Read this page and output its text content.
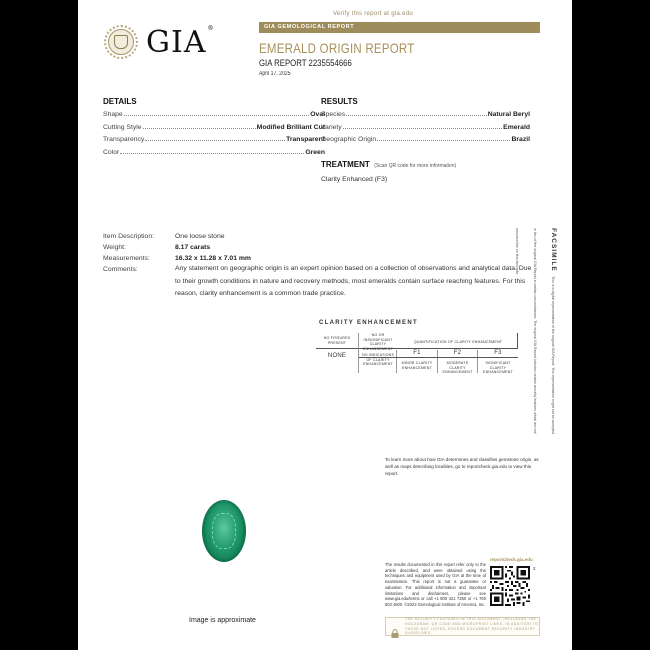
GIA®
Verify this report at gia.edu
GIA GEMOLOGICAL REPORT
EMERALD ORIGIN REPORT
GIA REPORT 2235554666
April 17, 2025
DETAILS
Shape	Oval
Cutting Style	Modified Brilliant Cut
Transparency	Transparent
Color	Green
RESULTS
Species	Natural Beryl
Variety	Emerald
Geographic Origin	Brazil
TREATMENT (Scan QR code for more information)
Clarity Enhanced (F3)
Item Description:	One loose stone
Weight:	8.17 carats
Measurements:	16.32 x 11.28 x 7.01 mm
Comments:	Any statement on geographic origin is an expert opinion based on a collection of observations and analytical data. Due to their growth conditions in nature and recovery methods, most emeralds contain surface reaching features. For this reason, clarity enhancement is a common trade practice.
CLARITY ENHANCEMENT
NO FISSURES PRESENT
NO OR INSIGNIFICANT CLARITY ENHANCEMENT
QUANTIFICATION OF CLARITY ENHANCEMENT
NONE	NO INDICATIONS OF CLARITY ENHANCEMENT
F1	F2	F3
MINOR CLARITY ENHANCEMENT
MODERATE CLARITY ENHANCEMENT
SIGNIFICANT CLARITY ENHANCEMENT
FACSIMILE This is a digital representation of the original GIA Report. This representation might not be accepted in lieu of the original GIA Report in certain circumstances. The original GIA Report includes certain security features which are not reproducible on this facsimile.
To learn more about how GIA determines and classifies gemstone origin, as well as maps describing localities, go to reportcheck.gia.edu to view this report.
Image is approximate
The results documented in this report refer only to the article described, and were obtained using the techniques and equipment used by GIA at the time of examination. This report is not a guarantee or valuation. For additional information and important limitations and disclaimers, please see www.gia.edu/terms or call +1 800 421 7250 or +1 760 603 4500. ©2023 Gemological Institute of America, Inc.
reportcheck.gia.edu
2
THE SECURITY FEATURES IN THIS DOCUMENT, INCLUDING THE HOLOGRAM, QR CODE AND MICROPRINT LINES, IN ADDITION TO THOSE NOT LISTED, EXCEED DOCUMENT SECURITY INDUSTRY GUIDELINES.
